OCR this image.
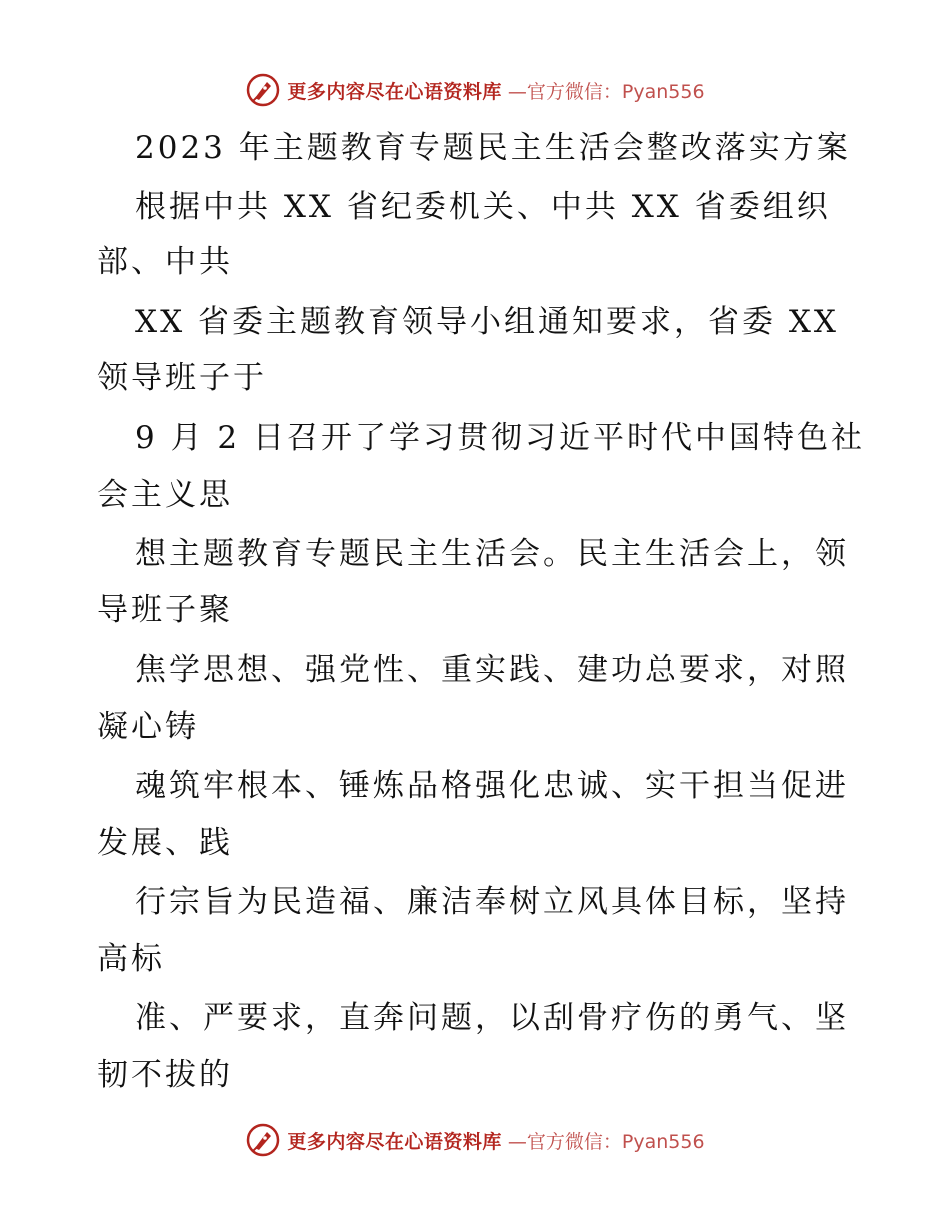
更多内容尽在心语资料库 —官方微信：Pyan556
2023 年主题教育专题民主生活会整改落实方案
根据中共 XX 省纪委机关、中共 XX 省委组织
部、中共
XX 省委主题教育领导小组通知要求，省委 XX
领导班子于
9 月 2 日召开了学习贯彻习近平时代中国特色社
会主义思
想主题教育专题民主生活会。民主生活会上，领
导班子聚
焦学思想、强党性、重实践、建功总要求，对照
凝心铸
魂筑牢根本、锤炼品格强化忠诚、实干担当促进
发展、践
行宗旨为民造福、廉洁奉树立风具体目标，坚持
高标
准、严要求，直奔问题，以刮骨疗伤的勇气、坚
韧不拔的
更多内容尽在心语资料库 —官方微信：Pyan556
